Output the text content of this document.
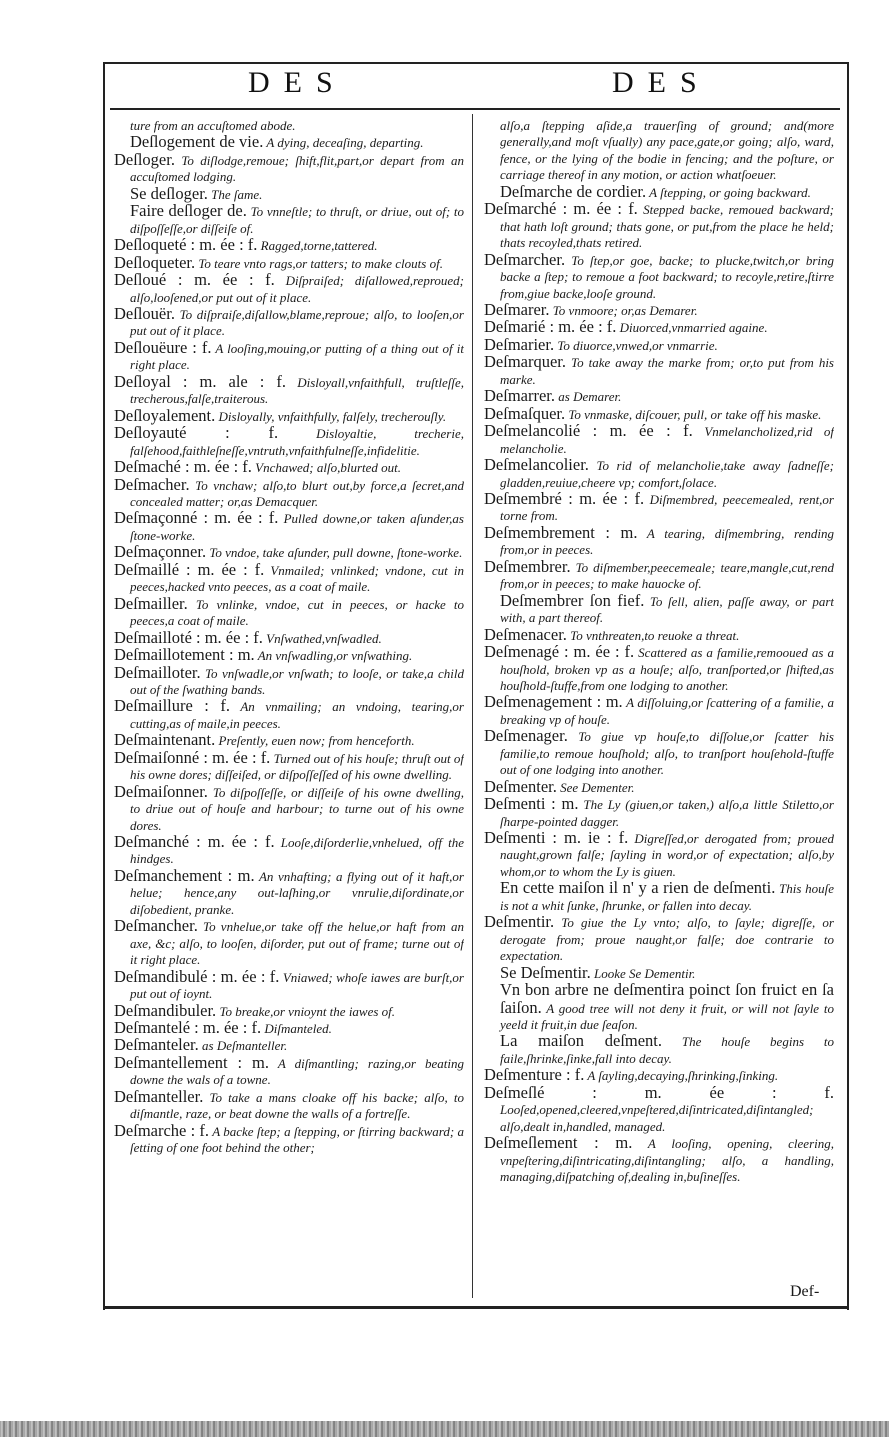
DES	DES

ture from an accuſtomed abode.

Deſlogement de vie. A dying, deceaſing, departing.

Deſloger. To diſlodge,remoue; ſhift,flit,part,or depart from an accuſtomed lodging.

Se deſloger. The ſame.

Faire deſloger de. To vnneſtle; to thruſt, or driue, out of; to diſpoſſeſſe,or diſſeiſe of.

Deſloqueté : m. ée : f. Ragged,torne,tattered.

Deſloqueter. To teare vnto rags,or tatters; to make clouts of.

Deſloué : m. ée : f. Diſpraiſed; diſallowed,reproued; alſo,looſened,or put out of it place.

Deſlouër. To diſpraiſe,diſallow,blame,reproue; alſo, to looſen,or put out of it place.

Deſlouëure : f. A looſing,mouing,or putting of a thing out of it right place.

Deſloyal : m. ale : f. Disloyall,vnfaithfull, truſtleſſe, trecherous,falſe,traiterous.

Deſloyalement. Disloyally, vnfaithfully, falſely, trecherouſly.

Deſloyauté : f. Disloyaltie, trecherie, falſehood,faithleſneſſe,vntruth,vnfaithfulneſſe,infidelitie.

Deſmaché : m. ée : f. Vnchawed; alſo,blurted out.

Deſmacher. To vnchaw; alſo,to blurt out,by force,a ſecret,and concealed matter; or,as Demacquer.

Deſmaçonné : m. ée : f. Pulled downe,or taken aſunder,as ſtone-worke.

Deſmaçonner. To vndoe, take aſunder, pull downe, ſtone-worke.

Deſmaillé : m. ée : f. Vnmailed; vnlinked; vndone, cut in peeces,hacked vnto peeces, as a coat of maile.

Deſmailler. To vnlinke, vndoe, cut in peeces, or hacke to peeces,a coat of maile.

Deſmailloté : m. ée : f. Vnſwathed,vnſwadled.

Deſmaillotement : m. An vnſwadling,or vnſwathing.

Deſmailloter. To vnſwadle,or vnſwath; to looſe, or take,a child out of the ſwathing bands.

Deſmaillure : f. An vnmailing; an vndoing, tearing,or cutting,as of maile,in peeces.

Deſmaintenant. Preſently, euen now; from henceforth.

Deſmaiſonné : m. ée : f. Turned out of his houſe; thruſt out of his owne dores; diſſeiſed, or diſpoſſeſſed of his owne dwelling.

Deſmaiſonner. To diſpoſſeſſe, or diſſeiſe of his owne dwelling, to driue out of houſe and harbour; to turne out of his owne dores.

Deſmanché : m. ée : f. Looſe,diſorderlie,vnhelued, off the hindges.

Deſmanchement : m. An vnhafting; a flying out of it haft,or helue; hence,any out-laſhing,or vnrulie,diſordinate,or diſobedient, pranke.

Deſmancher. To vnhelue,or take off the helue,or haft from an axe, &c; alſo, to looſen, diſorder, put out of frame; turne out of it right place.

Deſmandibulé : m. ée : f. Vniawed; whoſe iawes are burſt,or put out of ioynt.

Deſmandibuler. To breake,or vnioynt the iawes of.

Deſmantelé : m. ée : f. Diſmanteled.

Deſmanteler. as Deſmanteller.

Deſmantellement : m. A diſmantling; razing,or beating downe the wals of a towne.

Deſmanteller. To take a mans cloake off his backe; alſo, to diſmantle, raze, or beat downe the walls of a fortreſſe.

Deſmarche : f. A backe ſtep; a ſtepping, or ſtirring backward; a ſetting of one foot behind the other;

alſo,a ſtepping aſide,a trauerſing of ground; and(more generally,and moſt vſually) any pace,gate,or going; alſo, ward, fence, or the lying of the bodie in fencing; and the poſture, or carriage thereof in any motion, or action whatſoeuer.

Deſmarche de cordier. A ſtepping, or going backward.

Deſmarché : m. ée : f. Stepped backe, remoued backward; that hath loſt ground; thats gone, or put,from the place he held; thats recoyled,thats retired.

Deſmarcher. To ſtep,or goe, backe; to plucke,twitch,or bring backe a ſtep; to remoue a foot backward; to recoyle,retire,ſtirre from,giue backe,looſe ground.

Deſmarer. To vnmoore; or,as Demarer.

Deſmarié : m. ée : f. Diuorced,vnmarried againe.

Deſmarier. To diuorce,vnwed,or vnmarrie.

Deſmarquer. To take away the marke from; or,to put from his marke.

Deſmarrer. as Demarer.

Deſmaſquer. To vnmaske, diſcouer, pull, or take off his maske.

Deſmelancolié : m. ée : f. Vnmelancholized,rid of melancholie.

Deſmelancolier. To rid of melancholie,take away ſadneſſe; gladden,reuiue,cheere vp; comfort,ſolace.

Deſmembré : m. ée : f. Diſmembred, peecemealed, rent,or torne from.

Deſmembrement : m. A tearing, diſmembring, rending from,or in peeces.

Deſmembrer. To diſmember,peecemeale; teare,mangle,cut,rend from,or in peeces; to make hauocke of.

Deſmembrer ſon fief. To ſell, alien, paſſe away, or part with, a part thereof.

Deſmenacer. To vnthreaten,to reuoke a threat.

Deſmenagé : m. ée : f. Scattered as a familie,remooued as a houſhold, broken vp as a houſe; alſo, tranſported,or ſhifted,as houſhold-ſtuffe,from one lodging to another.

Deſmenagement : m. A diſſoluing,or ſcattering of a familie, a breaking vp of houſe.

Deſmenager. To giue vp houſe,to diſſolue,or ſcatter his familie,to remoue houſhold; alſo, to tranſport houſehold-ſtuffe out of one lodging into another.

Deſmenter. See Dementer.

Deſmenti : m. The Ly (giuen,or taken,) alſo,a little Stiletto,or ſharpe-pointed dagger.

Deſmenti : m. ie : f. Digreſſed,or derogated from; proued naught,grown falſe; ſayling in word,or of expectation; alſo,by whom,or to whom the Ly is giuen.

En cette maiſon il n' y a rien de deſmenti. This houſe is not a whit ſunke, ſhrunke, or fallen into decay.

Deſmentir. To giue the Ly vnto; alſo, to ſayle; digreſſe, or derogate from; proue naught,or falſe; doe contrarie to expectation.

Se Deſmentir. Looke Se Dementir.

Vn bon arbre ne deſmentira poinct ſon fruict en ſa ſaiſon. A good tree will not deny it fruit, or will not ſayle to yeeld it fruit,in due ſeaſon.

La maiſon deſment. The houſe begins to faile,ſhrinke,ſinke,fall into decay.

Deſmenture : f. A ſayling,decaying,ſhrinking,ſinking.

Deſmeſlé : m. ée : f. Looſed,opened,cleered,vnpeſtered,diſintricated,diſintangled; alſo,dealt in,handled, managed.

Deſmeſlement : m. A looſing, opening, cleering, vnpeſtering,diſintricating,diſintangling; alſo, a handling, managing,diſpatching of,dealing in,buſineſſes.

Def-
